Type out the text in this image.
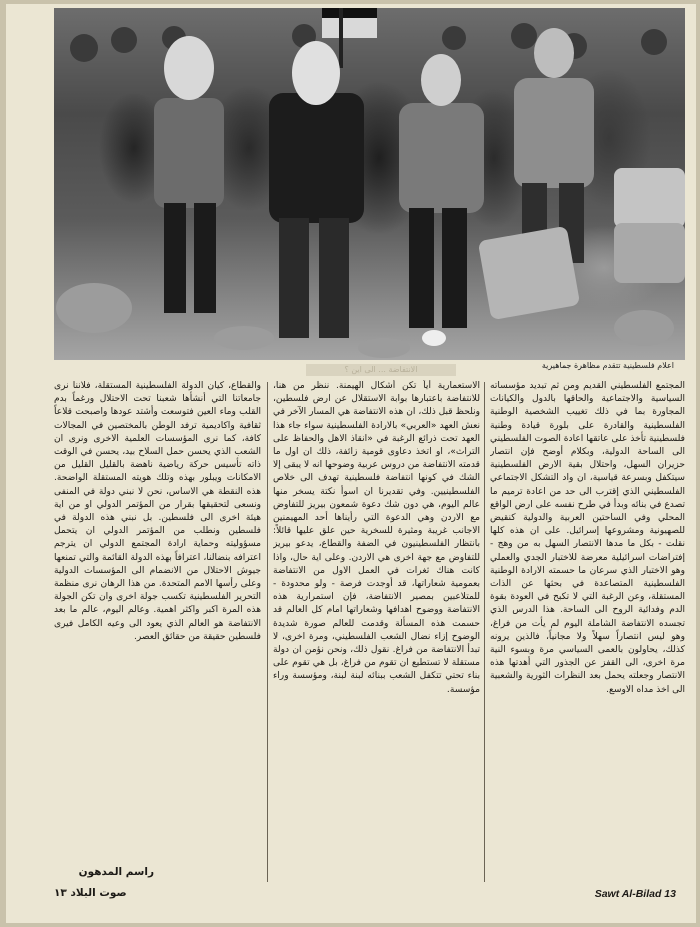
اعلام فلسطينية تتقدم مظاهرة جماهيرية
الانتفاضة ... الى اين ؟

المجتمع الفلسطيني القديم ومن ثم تبديد مؤسساته السياسية والاجتماعية والحاقها بالدول والكيانات المجاورة بما في ذلك تغييب الشخصية الوطنية الفلسطينية والقادرة على بلورة قيادة وطنية فلسطينية تأخذ على عاتقها اعادة الصوت الفلسطيني الى الساحة الدولية، وبكلام أوضح فإن انتصار حزيران السهل، واحتلال بقية الارض الفلسطينية سيتكفل وبسرعة قياسية، ان واد التشكل الاجتماعي الفلسطيني الذي إقترب الى حد من اعادة ترميم ما تصدع في بنائه وبدأ في طرح نفسه على ارض الواقع المحلي وفي الساحتين العربية والدولية كنقيض للصهيونية ومشروعها إسرائيل. على ان هذه كلها نقلت - بكل ما مدها الانتصار السهل به من وهج - إفتراضات اسرائيلية معرضة للاختبار الجدي والعملي وهو الاختبار الذي سرعان ما حسمته الارادة الوطنية الفلسطينية المتصاعدة في بحثها عن الذات المستقلة، وعن الرغبة التي لا تكبح في العودة بقوة الدم وفدائية الروح الى الساحة. هذا الدرس الذي تجسده الانتفاضة الشاملة اليوم لم يأت من فراغ، وهو ليس انتصاراً سهلاً ولا مجانياً، فالذين يرونه كذلك، يحاولون بالعمى السياسي مرة وبسوء النية مرة اخرى، الى القفز عن الجذور التي أهدتها هذه الانتصار وجعلته يحمل بعد النظرات الثورية والشعبية الى اخذ مداه الاوسع.

الاستعمارية أياً تكن أشكال الهيمنة. ننظر من هنا، للانتفاضة باعتبارها بوابة الاستقلال عن ارض فلسطين، ونلحظ قبل ذلك، ان هذه الانتفاضة هي المسار الآخر في نعش العهد «العربي» بالارادة الفلسطينية سواء جاء هذا العهد تحت ذرائع الرغبة في «انقاذ الاهل والحفاظ على التراث»، او اتخذ دعاوى قومية زائفة، ذلك ان اول ما قدمته الانتفاضة من دروس عربية وضوحها انه لا يبقى إلا الشك في كونها انتفاضة فلسطينية تهدف الى خلاص الفلسطينيين. وفي تقديرنا ان اسوأ نكتة يسخر منها عالم اليوم، هي دون شك دعوة شمعون بيريز للتفاوض مع الاردن وهي الدعوة التي رأيناها أحد المهيمنين الاجانب غريبة ومثيرة للسخرية حين علق عليها قائلاً: بانتظار الفلسطينيون في الضفة والقطاع، يدعو بيريز للتفاوض مع جهة اخرى هي الاردن. وعلى اية حال، واذا كانت هناك ثغرات في العمل الاول من الانتفاضة بعمومية شعاراتها، قد أوجدت فرصة - ولو محدودة - للمتلاعبين بمصير الانتفاضة، فإن استمرارية هذه الانتفاضة ووضوح اهدافها وشعاراتها امام كل العالم قد حسمت هذه المسألة وقدمت للعالم صورة شديدة الوضوح إزاء نضال الشعب الفلسطيني، ومرة اخرى، لا تبدأ الانتفاضة من فراغ. نقول ذلك، ونحن نؤمن ان دولة مستقلة لا تستطيع ان تقوم من فراغ، بل هي تقوم على بناء تحتي تتكفل الشعب ببنائه لبنة لبنة، ومؤسسة وراء مؤسسة.

والقطاع، كيان الدولة الفلسطينية المستقلة، فلاننا نرى جامعاتنا التي أنشأها شعبنا تحت الاحتلال ورغماً بدم القلب وماء العين فتوسعت وأشتد عودها واصبحت قلاعاً ثقافية واكاديمية ترفد الوطن بالمختصين في المجالات كافة، كما نرى المؤسسات العلمية الاخرى ونرى ان الشعب الذي يحسن حمل السلاح بيد، يحسن في الوقت ذاته تأسيس حركة رياضية ناهضة بالقليل القليل من الامكانات ويبلور بهذه وتلك هويته المستقلة الواضحة. هذه النقطة هي الاساس، نحن لا نبني دولة في المنفى ونسعى لتحقيقها بقرار من المؤتمر الدولي او من اية هيئة اخرى الى فلسطين. بل نبني هذه الدولة في فلسطين ونطلب من المؤتمر الدولي ان يتحمل مسؤوليته وحماية ارادة المجتمع الدولي ان يترجم اعترافه بنضالنا، اعترافاً بهذه الدولة القائمة والتي تمنعها جيوش الاحتلال من الانضمام الى المؤسسات الدولية وعلى رأسها الامم المتحدة. من هذا الرهان نرى منظمة التحرير الفلسطينية تكسب جولة اخرى وان تكن الجولة هذه المرة اكبر واكثر اهمية. وعالم اليوم، عالم ما بعد الانتفاضة هو العالم الذي يعود الى وعيه الكامل فيرى فلسطين حقيقة من حقائق العصر.

راسم المدهون
صوت البلاد ١٣	Sawt Al-Bilad 13
